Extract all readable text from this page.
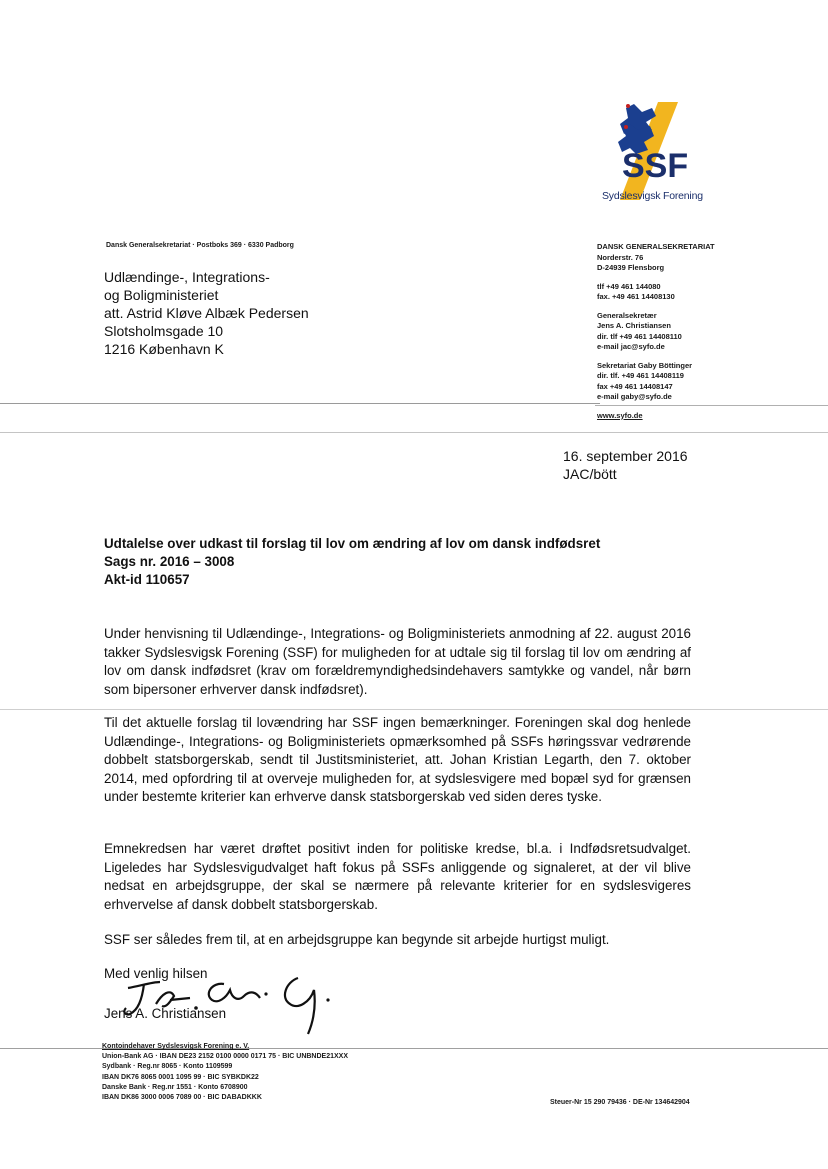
SSF
Sydslesvigsk Forening
Dansk Generalsekretariat · Postboks 369 · 6330 Padborg
Udlændinge-, Integrations-
og Boligministeriet
att. Astrid Kløve Albæk Pedersen
Slotsholmsgade 10
1216 København K
DANSK GENERALSEKRETARIAT
Norderstr. 76
D-24939 Flensborg
tlf +49 461 144080
fax. +49 461 14408130
Generalsekretær
Jens A. Christiansen
dir. tlf +49 461 14408110
e-mail jac@syfo.de
Sekretariat Gaby Böttinger
dir. tlf. +49 461 14408119
fax +49 461 14408147
e-mail gaby@syfo.de
www.syfo.de
16. september 2016
JAC/bött
Udtalelse over udkast til forslag til lov om ændring af lov om dansk indfødsret
Sags nr. 2016 – 3008
Akt-id 110657
Under henvisning til Udlændinge-, Integrations- og Boligministeriets anmodning af 22. august 2016 takker Sydslesvigsk Forening (SSF) for muligheden for at udtale sig til forslag til lov om ændring af lov om dansk indfødsret (krav om forældremyndighedsindehavers samtykke og vandel, når børn som bipersoner erhverver dansk indfødsret).
Til det aktuelle forslag til lovændring har SSF ingen bemærkninger. Foreningen skal dog henlede Udlændinge-, Integrations- og Boligministeriets opmærksomhed på SSFs høringssvar vedrørende dobbelt statsborgerskab, sendt til Justitsministeriet, att. Johan Kristian Legarth, den 7. oktober 2014, med opfordring til at overveje muligheden for, at sydslesvigere med bopæl syd for grænsen under bestemte kriterier kan erhverve dansk statsborgerskab ved siden deres tyske.
Emnekredsen har været drøftet positivt inden for politiske kredse, bl.a. i Indfødsretsudvalget. Ligeledes har Sydslesvigudvalget haft fokus på SSFs anliggende og signaleret, at der vil blive nedsat en arbejdsgruppe, der skal se nærmere på relevante kriterier for en sydslesvigeres erhvervelse af dansk dobbelt statsborgerskab.
SSF ser således frem til, at en arbejdsgruppe kan begynde sit arbejde hurtigst muligt.
Med venlig hilsen
Jens A. Christiansen
Kontoindehaver Sydslesvigsk Forening e. V.
Union-Bank AG · IBAN DE23 2152 0100 0000 0171 75 · BIC UNBNDE21XXX
Sydbank · Reg.nr 8065 · Konto 1109599
IBAN DK76 8065 0001 1095 99 · BIC SYBKDK22
Danske Bank · Reg.nr 1551 · Konto 6708900
IBAN DK86 3000 0006 7089 00 · BIC DABADKKK
Steuer-Nr 15 290 79436 · DE-Nr 134642904
